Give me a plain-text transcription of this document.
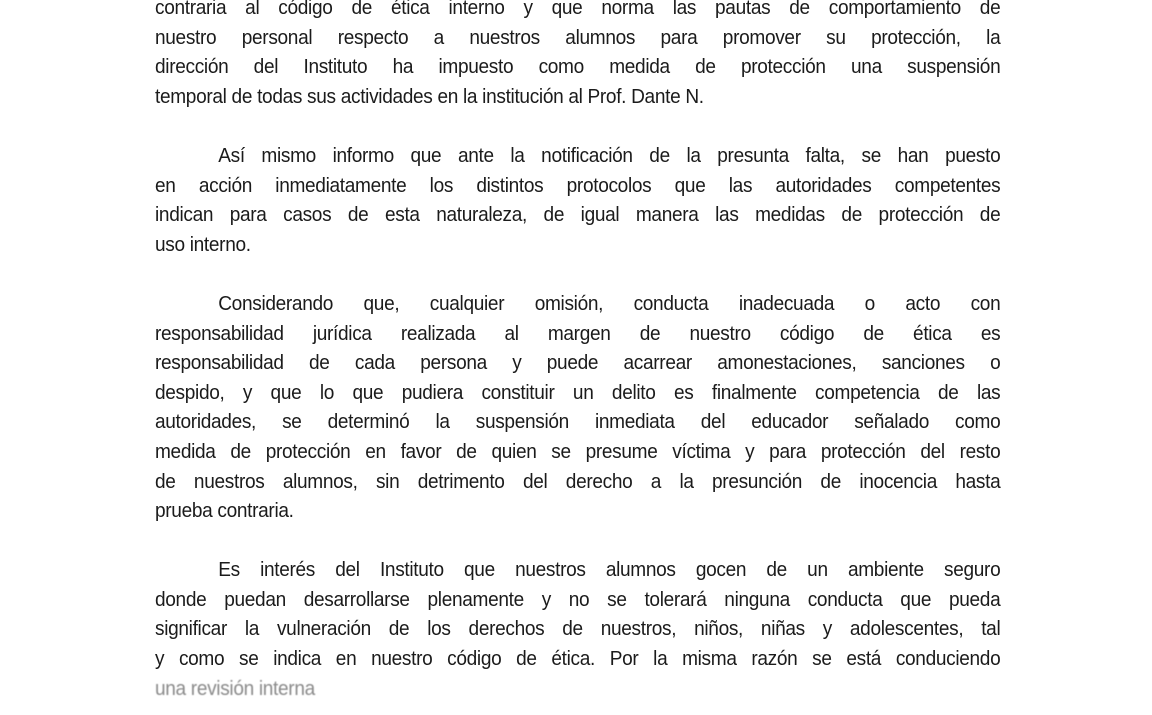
contraria al código de ética interno y que norma las pautas de comportamiento de
nuestro personal respecto a nuestros alumnos para promover su protección, la
dirección del Instituto ha impuesto como medida de protección una suspensión
temporal de todas sus actividades en la institución al Prof. Dante N.
Así mismo informo que ante la notificación de la presunta falta, se han puesto
en acción inmediatamente los distintos protocolos que las autoridades competentes
indican para casos de esta naturaleza, de igual manera las medidas de protección de
uso interno.
Considerando que, cualquier omisión, conducta inadecuada o acto con
responsabilidad jurídica realizada al margen de nuestro código de ética es
responsabilidad de cada persona y puede acarrear amonestaciones, sanciones o
despido, y que lo que pudiera constituir un delito es finalmente competencia de las
autoridades, se determinó la suspensión inmediata del educador señalado como
medida de protección en favor de quien se presume víctima y para protección del resto
de nuestros alumnos, sin detrimento del derecho a la presunción de inocencia hasta
prueba contraria.
Es interés del Instituto que nuestros alumnos gocen de un ambiente seguro
donde puedan desarrollarse plenamente y no se tolerará ninguna conducta que pueda
significar la vulneración de los derechos de nuestros, niños, niñas y adolescentes, tal
y como se indica en nuestro código de ética. Por la misma razón se está conduciendo
una revisión interna
